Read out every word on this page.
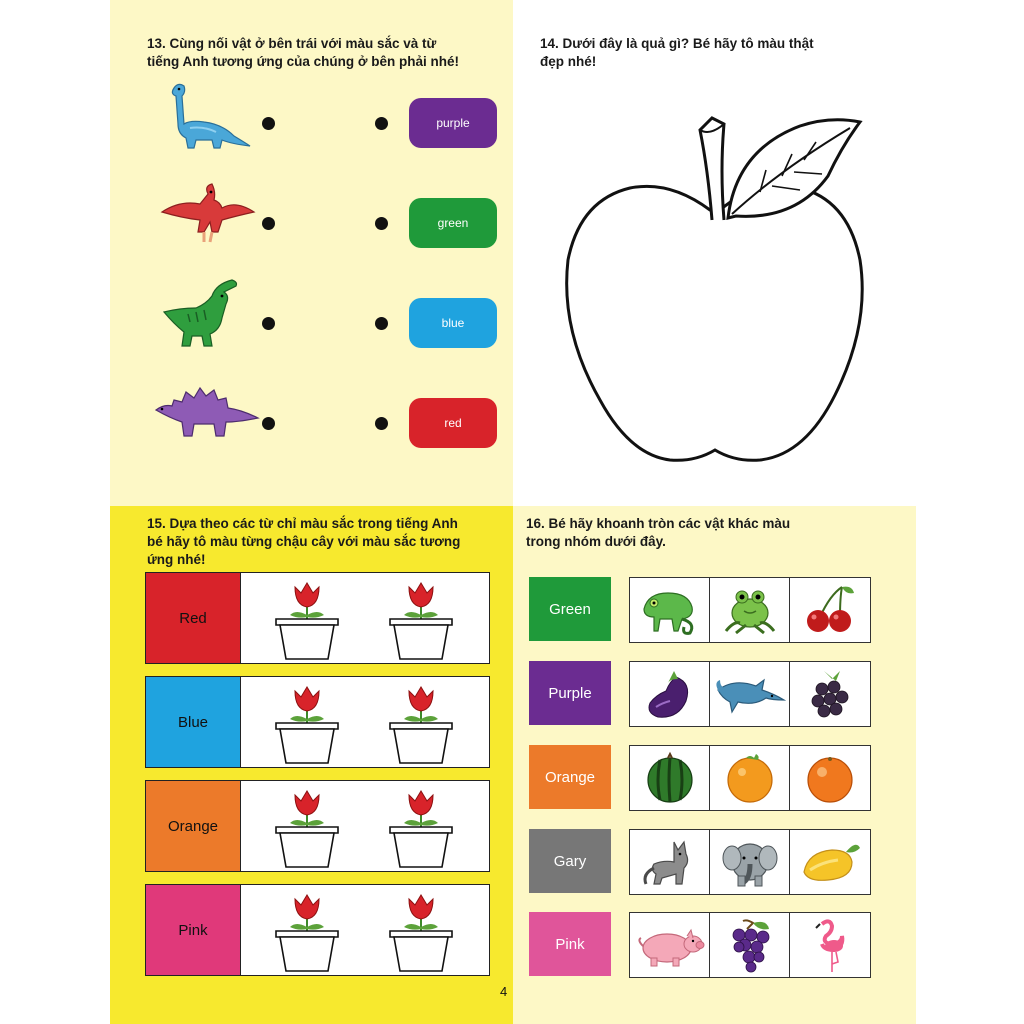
13. Cùng nối vật ở bên trái với màu sắc và từ
tiếng Anh tương ứng của chúng ở bên phải nhé!
purple
green
blue
red
14. Dưới đây là quả gì? Bé hãy tô màu thật
đẹp nhé!
15. Dựa theo các từ chỉ màu sắc trong tiếng Anh
bé hãy tô màu từng chậu cây với màu sắc tương
ứng nhé!
Red
Blue
Orange
Pink
16. Bé hãy khoanh tròn các vật khác màu
trong nhóm dưới đây.
Green
Purple
Orange
Gary
Pink
4
